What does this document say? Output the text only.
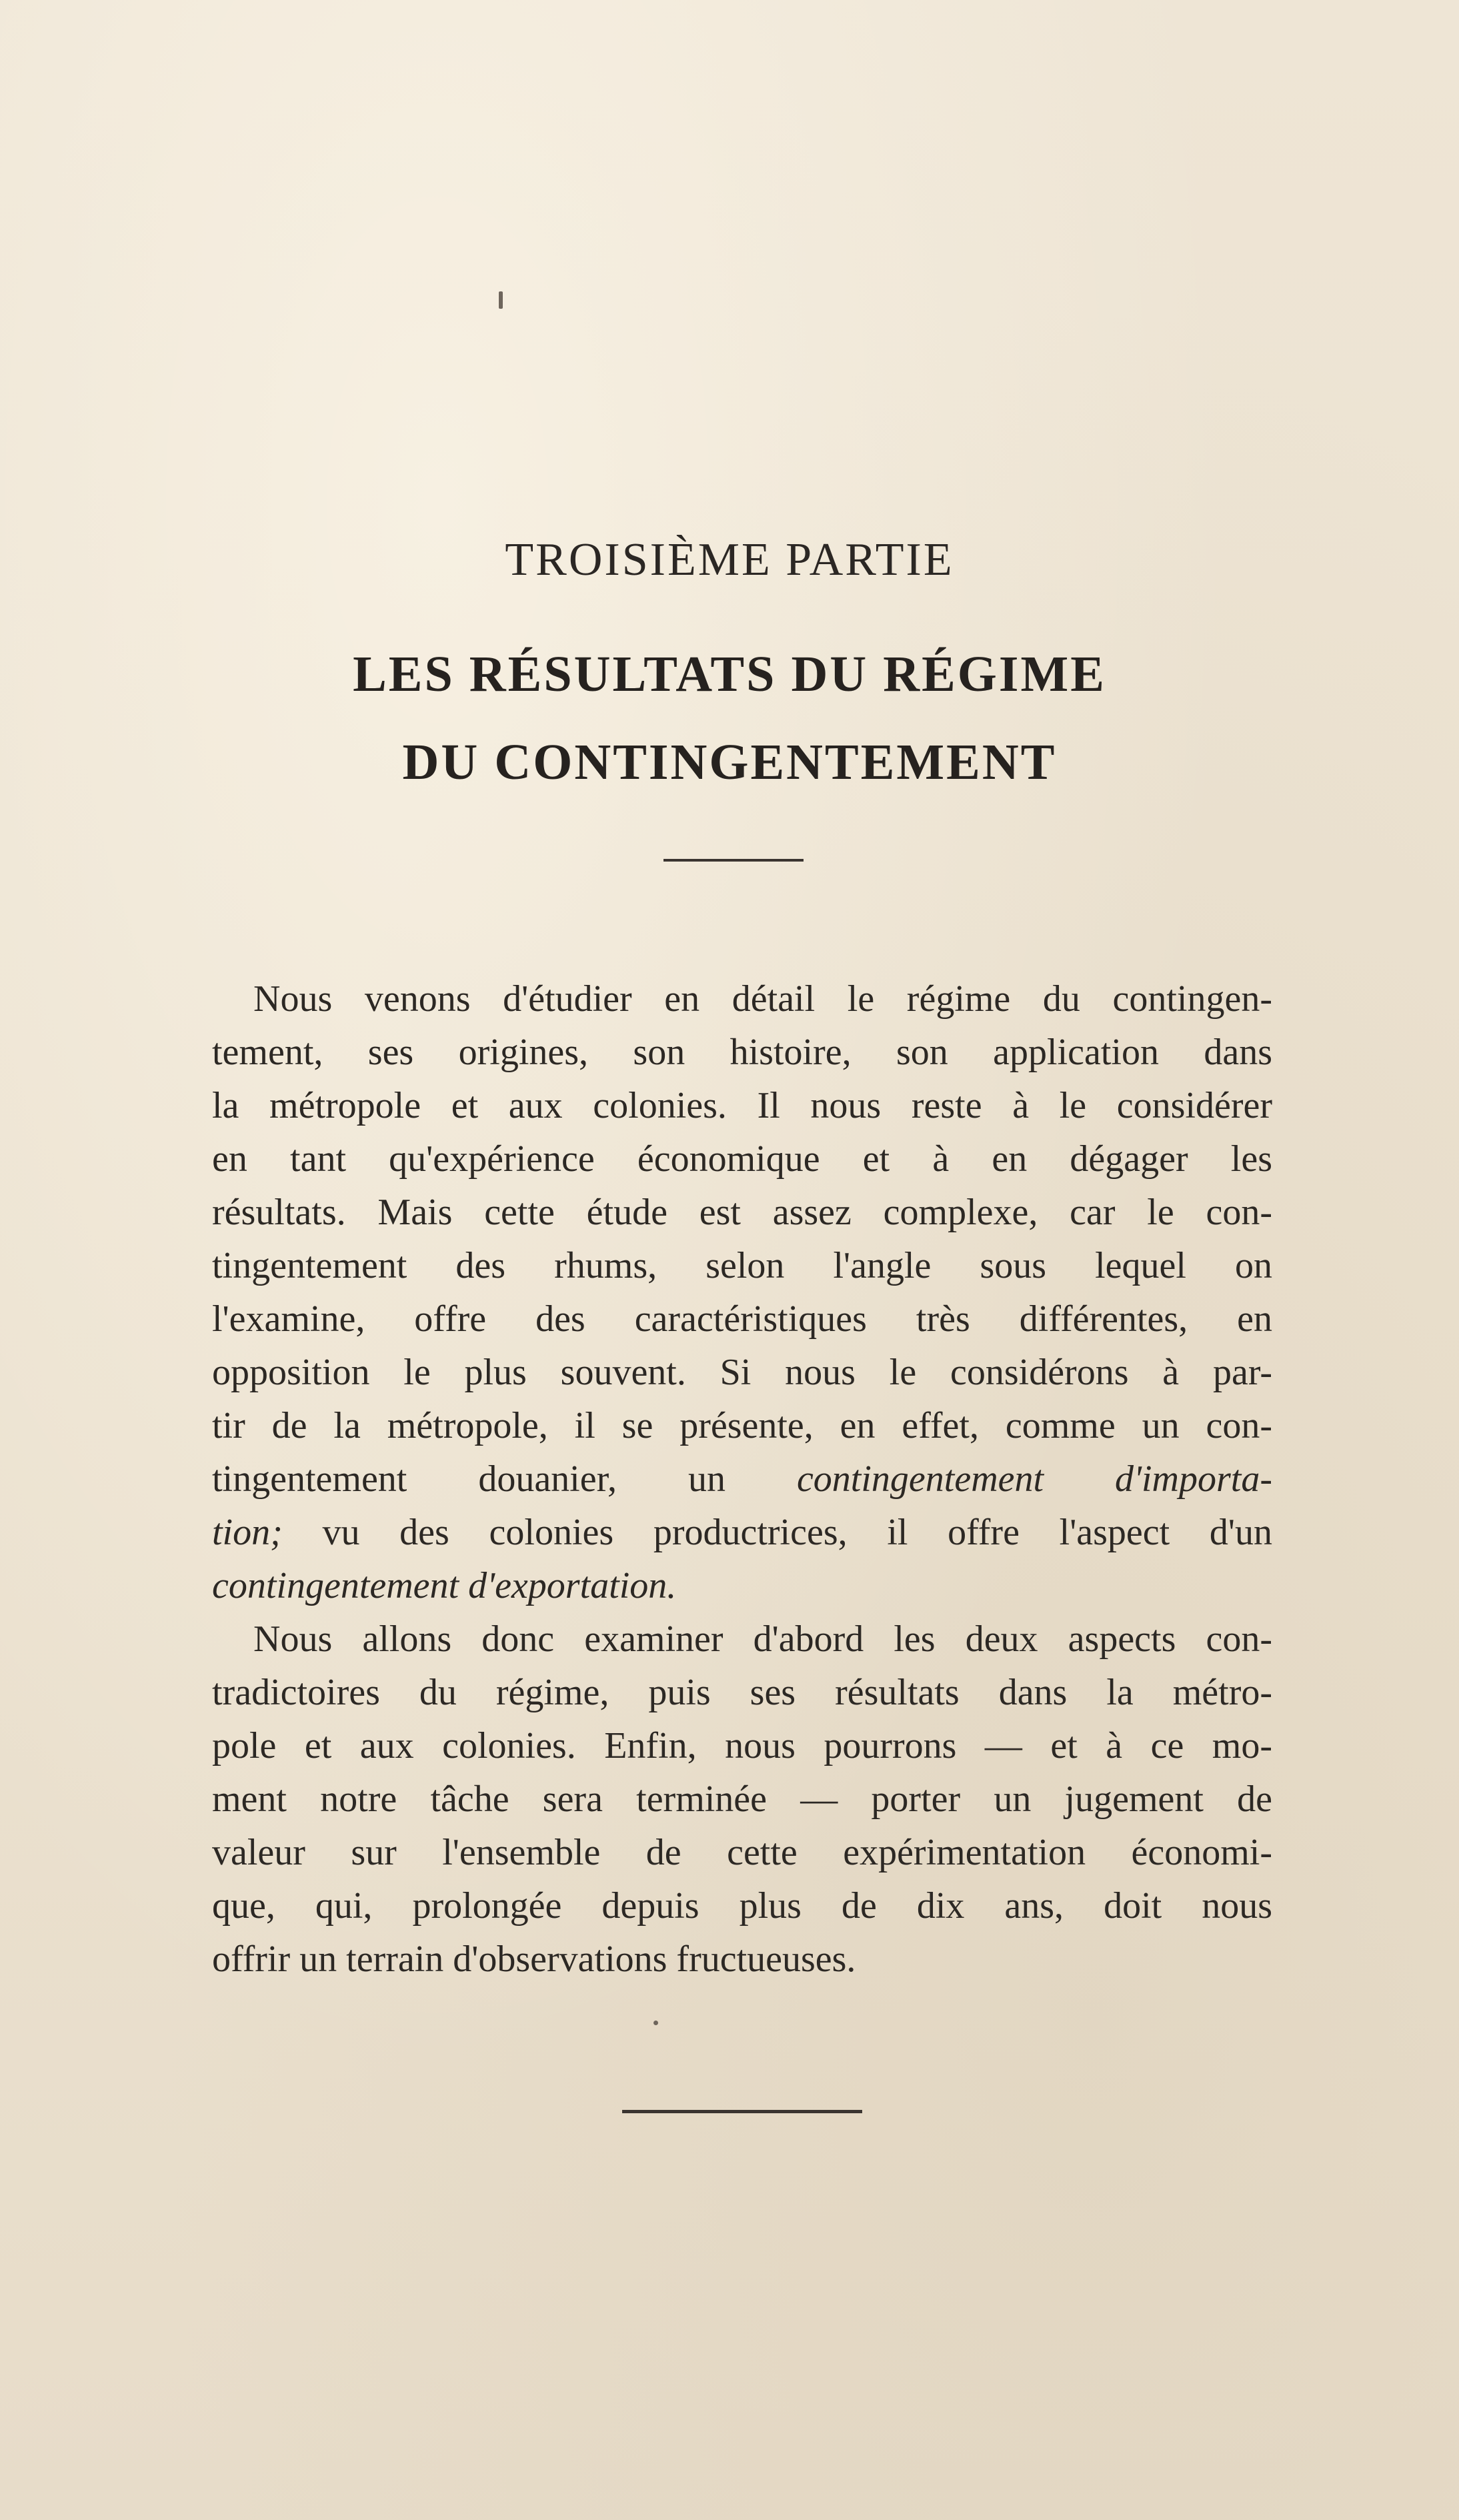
TROISIÈME PARTIE
LES RÉSULTATS DU RÉGIME
DU CONTINGENTEMENT
Nous venons d'étudier en détail le régime du contingen-
tement, ses origines, son histoire, son application dans
la métropole et aux colonies. Il nous reste à le considérer
en tant qu'expérience économique et à en dégager les
résultats. Mais cette étude est assez complexe, car le con-
tingentement des rhums, selon l'angle sous lequel on
l'examine, offre des caractéristiques très différentes, en
opposition le plus souvent. Si nous le considérons à par-
tir de la métropole, il se présente, en effet, comme un con-
tingentement douanier, un contingentement d'importa-
tion; vu des colonies productrices, il offre l'aspect d'un
contingentement d'exportation.
Nous allons donc examiner d'abord les deux aspects con-
tradictoires du régime, puis ses résultats dans la métro-
pole et aux colonies. Enfin, nous pourrons — et à ce mo-
ment notre tâche sera terminée — porter un jugement de
valeur sur l'ensemble de cette expérimentation économi-
que, qui, prolongée depuis plus de dix ans, doit nous
offrir un terrain d'observations fructueuses.
